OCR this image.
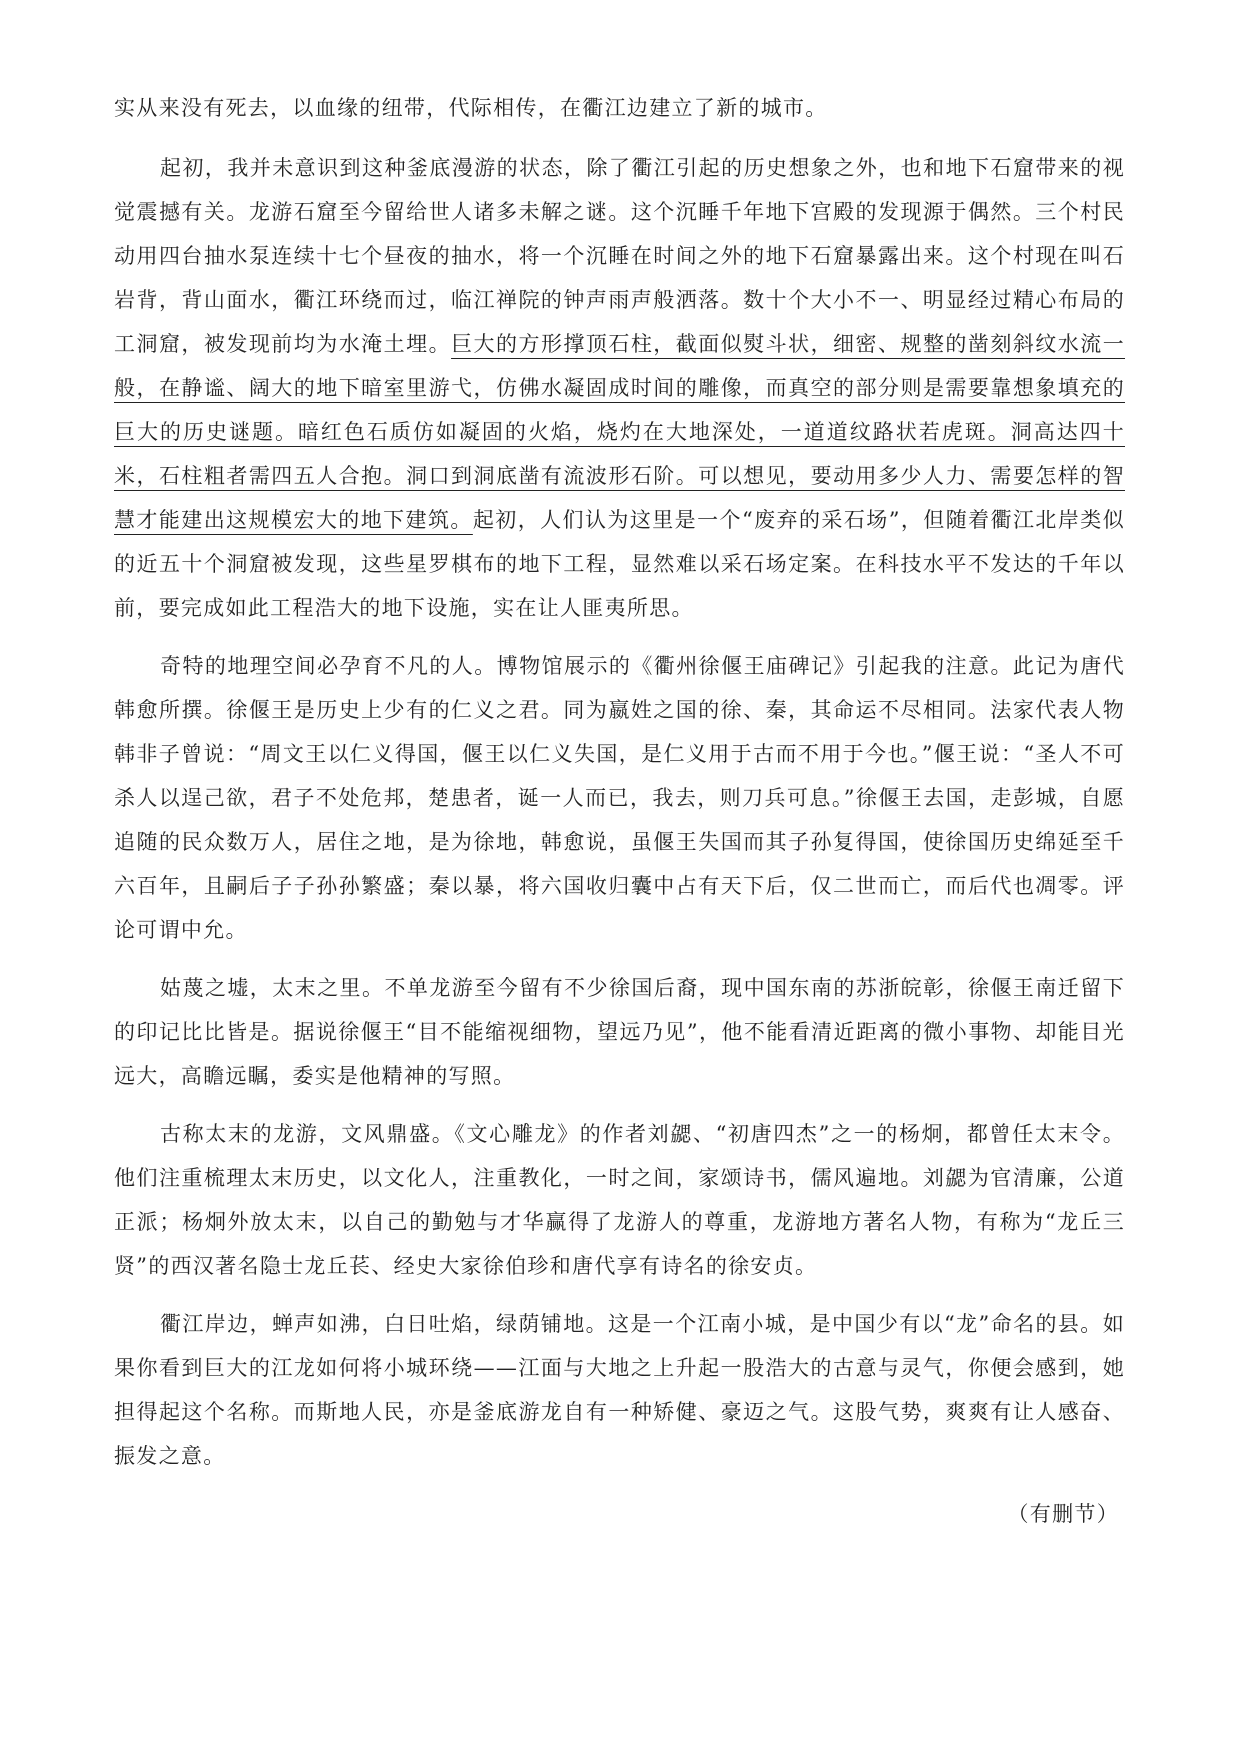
实从来没有死去，以血缘的纽带，代际相传，在衢江边建立了新的城市。

起初，我并未意识到这种釜底漫游的状态，除了衢江引起的历史想象之外，也和地下石窟带来的视觉震撼有关。龙游石窟至今留给世人诸多未解之谜。这个沉睡千年地下宫殿的发现源于偶然。三个村民动用四台抽水泵连续十七个昼夜的抽水，将一个沉睡在时间之外的地下石窟暴露出来。这个村现在叫石岩背，背山面水，衢江环绕而过，临江禅院的钟声雨声般洒落。数十个大小不一、明显经过精心布局的工洞窟，被发现前均为水淹土埋。巨大的方形撑顶石柱，截面似熨斗状，细密、规整的凿刻斜纹水流一般，在静谧、阔大的地下暗室里游弋，仿佛水凝固成时间的雕像，而真空的部分则是需要靠想象填充的巨大的历史谜题。暗红色石质仿如凝固的火焰，烧灼在大地深处，一道道纹路状若虎斑。洞高达四十米，石柱粗者需四五人合抱。洞口到洞底凿有流波形石阶。可以想见，要动用多少人力、需要怎样的智慧才能建出这规模宏大的地下建筑。起初，人们认为这里是一个“废弃的采石场”，但随着衢江北岸类似的近五十个洞窟被发现，这些星罗棋布的地下工程，显然难以采石场定案。在科技水平不发达的千年以前，要完成如此工程浩大的地下设施，实在让人匪夷所思。

奇特的地理空间必孕育不凡的人。博物馆展示的《衢州徐偃王庙碑记》引起我的注意。此记为唐代韩愈所撰。徐偃王是历史上少有的仁义之君。同为嬴姓之国的徐、秦，其命运不尽相同。法家代表人物韩非子曾说：“周文王以仁义得国，偃王以仁义失国，是仁义用于古而不用于今也。”偃王说：“圣人不可杀人以逞己欲，君子不处危邦，楚患者，诞一人而已，我去，则刀兵可息。”徐偃王去国，走彭城，自愿追随的民众数万人，居住之地，是为徐地，韩愈说，虽偃王失国而其子孙复得国，使徐国历史绵延至千六百年，且嗣后子子孙孙繁盛；秦以暴，将六国收归囊中占有天下后，仅二世而亡，而后代也凋零。评论可谓中允。

姑蔑之墟，太末之里。不单龙游至今留有不少徐国后裔，现中国东南的苏浙皖彰，徐偃王南迁留下的印记比比皆是。据说徐偃王“目不能缩视细物，望远乃见”，他不能看清近距离的微小事物、却能目光远大，高瞻远瞩，委实是他精神的写照。

古称太末的龙游，文风鼎盛。《文心雕龙》的作者刘勰、“初唐四杰”之一的杨炯，都曾任太末令。他们注重梳理太末历史，以文化人，注重教化，一时之间，家颂诗书，儒风遍地。刘勰为官清廉，公道正派；杨炯外放太末，以自己的勤勉与才华赢得了龙游人的尊重，龙游地方著名人物，有称为“龙丘三贤”的西汉著名隐士龙丘苌、经史大家徐伯珍和唐代享有诗名的徐安贞。

衢江岸边，蝉声如沸，白日吐焰，绿荫铺地。这是一个江南小城，是中国少有以“龙”命名的县。如果你看到巨大的江龙如何将小城环绕——江面与大地之上升起一股浩大的古意与灵气，你便会感到，她担得起这个名称。而斯地人民，亦是釜底游龙自有一种矫健、豪迈之气。这股气势，爽爽有让人感奋、振发之意。

（有删节）
